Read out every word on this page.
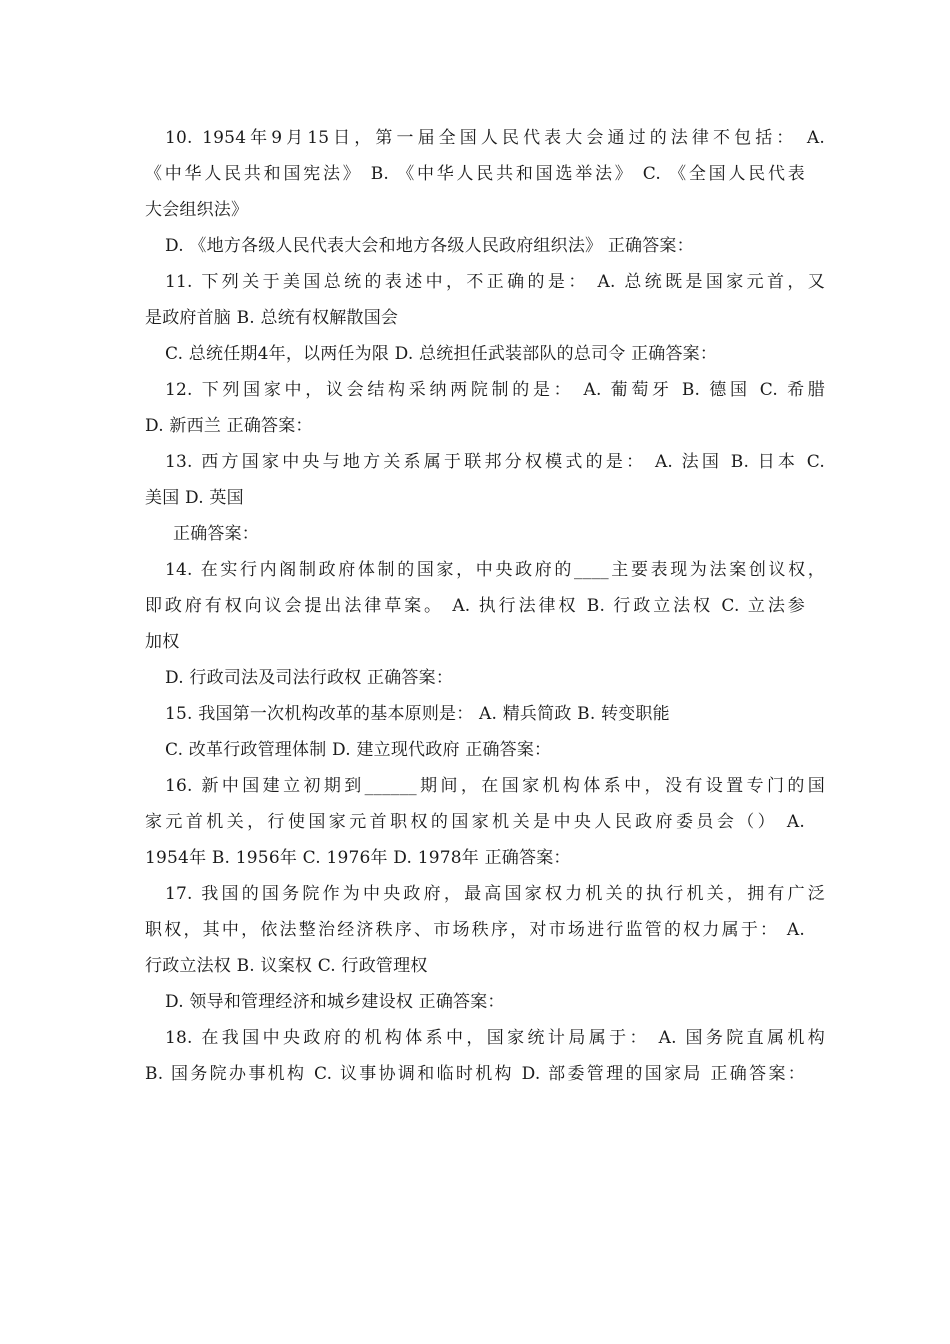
10. 1954年9月15日，第一届全国人民代表大会通过的法律不包括： A.
《中华人民共和国宪法》 B. 《中华人民共和国选举法》 C. 《全国人民代表
大会组织法》
D. 《地方各级人民代表大会和地方各级人民政府组织法》 正确答案：
11. 下列关于美国总统的表述中，不正确的是： A. 总统既是国家元首，又
是政府首脑 B. 总统有权解散国会
C. 总统任期4年，以两任为限 D. 总统担任武装部队的总司令 正确答案：
12. 下列国家中，议会结构采纳两院制的是： A. 葡萄牙 B. 德国 C. 希腊
D. 新西兰 正确答案：
13. 西方国家中央与地方关系属于联邦分权模式的是： A. 法国 B. 日本 C.
美国 D. 英国
正确答案：
14. 在实行内阁制政府体制的国家，中央政府的____主要表现为法案创议权，
即政府有权向议会提出法律草案。 A. 执行法律权 B. 行政立法权 C. 立法参
加权
D. 行政司法及司法行政权 正确答案：
15. 我国第一次机构改革的基本原则是： A. 精兵简政 B. 转变职能
C. 改革行政管理体制 D. 建立现代政府 正确答案：
16. 新中国建立初期到______期间，在国家机构体系中，没有设置专门的国
家元首机关，行使国家元首职权的国家机关是中央人民政府委员会（） A.
1954年 B. 1956年 C. 1976年 D. 1978年 正确答案：
17. 我国的国务院作为中央政府，最高国家权力机关的执行机关，拥有广泛
职权，其中，依法整治经济秩序、市场秩序，对市场进行监管的权力属于： A.
行政立法权 B. 议案权 C. 行政管理权
D. 领导和管理经济和城乡建设权 正确答案：
18. 在我国中央政府的机构体系中，国家统计局属于： A. 国务院直属机构
B. 国务院办事机构 C. 议事协调和临时机构 D. 部委管理的国家局 正确答案：
